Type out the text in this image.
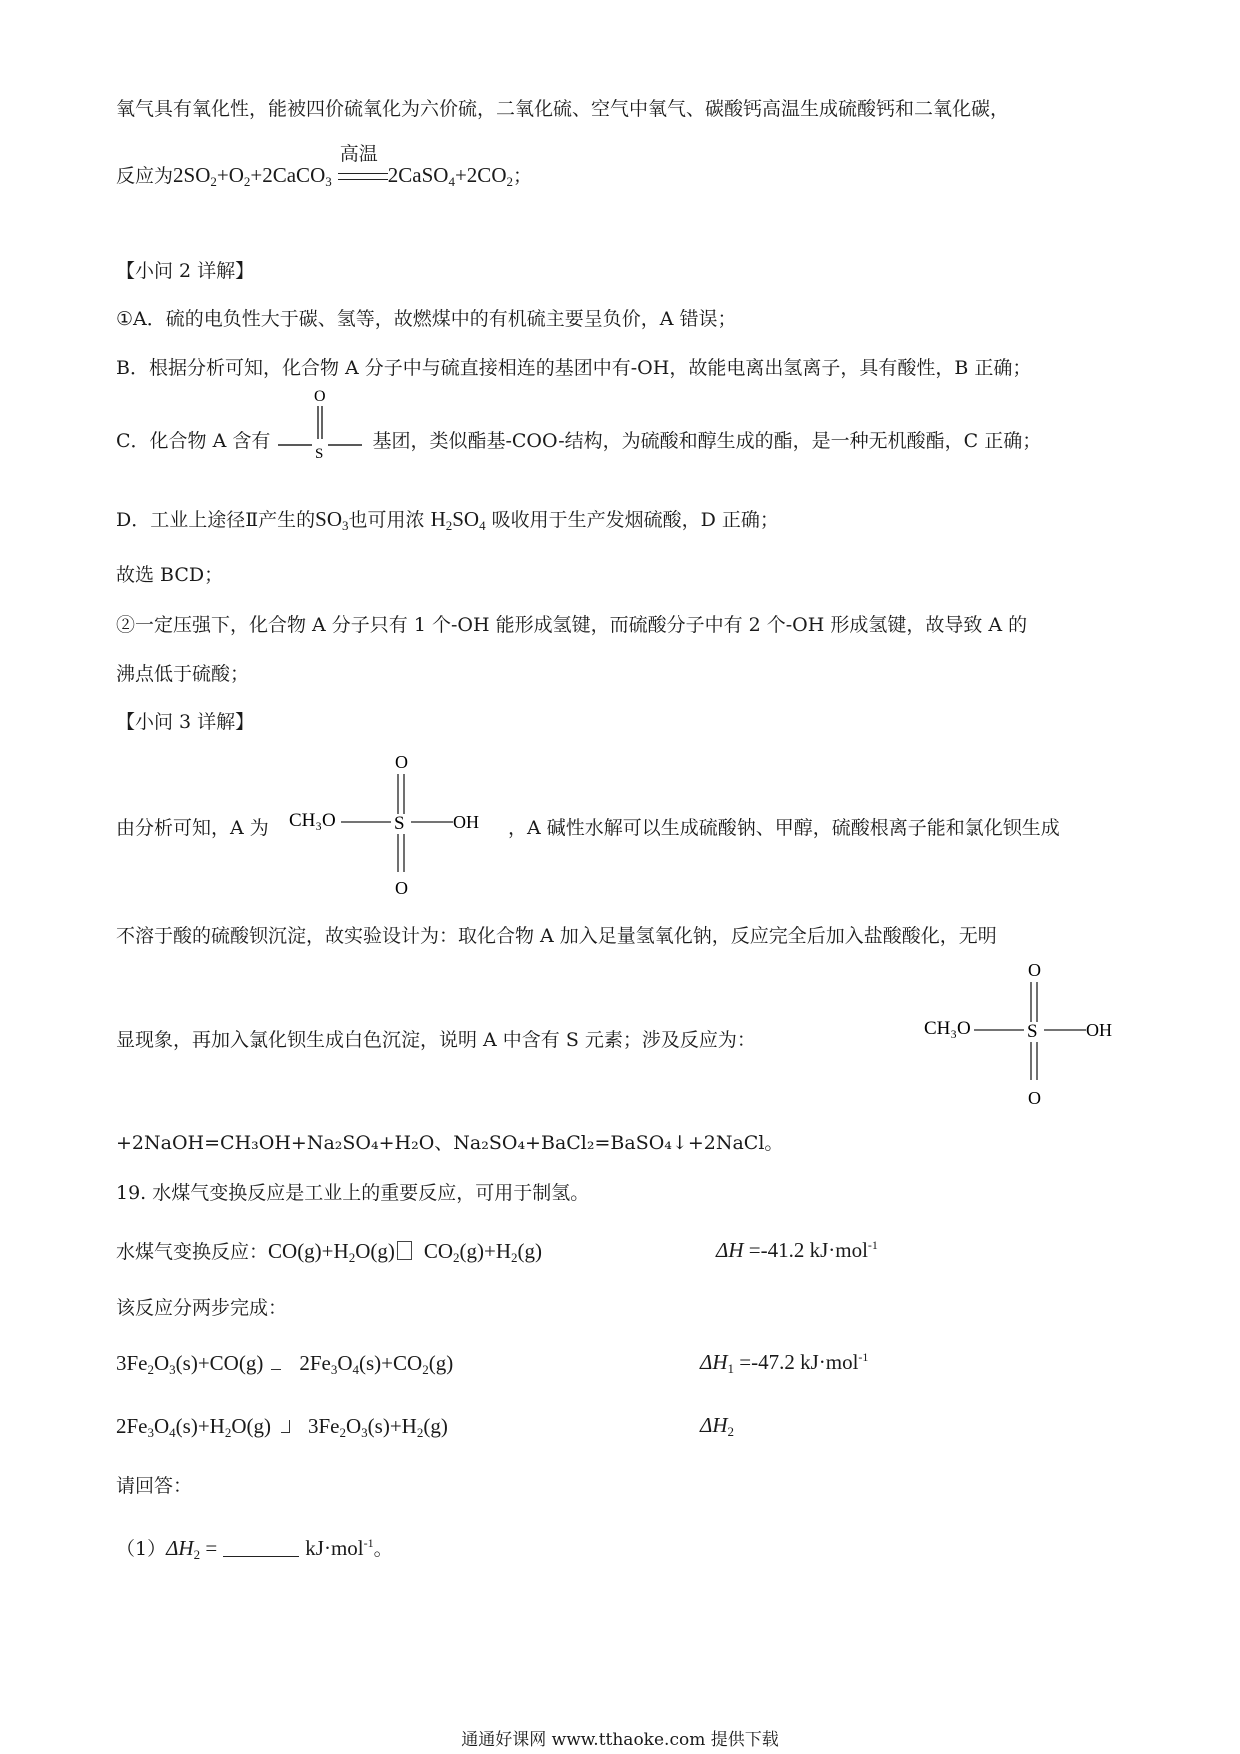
氧气具有氧化性，能被四价硫氧化为六价硫，二氧化硫、空气中氧气、碳酸钙高温生成硫酸钙和二氧化碳，
反应为$2SO_2+O_2+2CaCO_3$
高温
$2CaSO_4+2CO_2$；
【小问 2 详解】
①A．硫的电负性大于碳、氢等，故燃煤中的有机硫主要呈负价，A 错误；
B．根据分析可知，化合物 A 分子中与硫直接相连的基团中有-OH，故能电离出氢离子，具有酸性，B 正确；
C．化合物 A 含有
O
S
基团，类似酯基-COO-结构，为硫酸和醇生成的酯，是一种无机酸酯，C 正确；
D．工业上途径Ⅱ产生的$SO_3$也可用浓 $H_2SO_4$ 吸收用于生产发烟硫酸，D 正确；
故选 BCD；
②一定压强下，化合物 A 分子只有 1 个-OH 能形成氢键，而硫酸分子中有 2 个-OH 形成氢键，故导致 A 的
沸点低于硫酸；
【小问 3 详解】
由分析可知，A 为
O
CH₃O	S	OH
O
，A 碱性水解可以生成硫酸钠、甲醇，硫酸根离子能和氯化钡生成
不溶于酸的硫酸钡沉淀，故实验设计为：取化合物 A 加入足量氢氧化钠，反应完全后加入盐酸酸化，无明
显现象，再加入氯化钡生成白色沉淀，说明 A 中含有 S 元素；涉及反应为：
O
CH₃O	S	OH
O
+2NaOH=CH₃OH+Na₂SO₄+H₂O、Na₂SO₄+BaCl₂=BaSO₄↓+2NaCl。
19. 水煤气变换反应是工业上的重要反应，可用于制氢。
水煤气变换反应：$CO(g)+H_2O(g)$ $CO_2(g)+H_2(g)$	ΔH =-41.2 kJ·mol$^{-1}$
该反应分两步完成：
$3Fe_2O_3(s)+CO(g)$ $2Fe_3O_4(s)+CO_2(g)$	$\Delta H_1 =-47.2$ kJ·mol$^{-1}$
$2Fe_3O_4(s)+H_2O(g)$ $3Fe_2O_3(s)+H_2(g)$	$\Delta H_2$
请回答：
$(1)\Delta H_2$ =	kJ·mol$^{-1}$。
通通好课网 www.tthaoke.com 提供下载
